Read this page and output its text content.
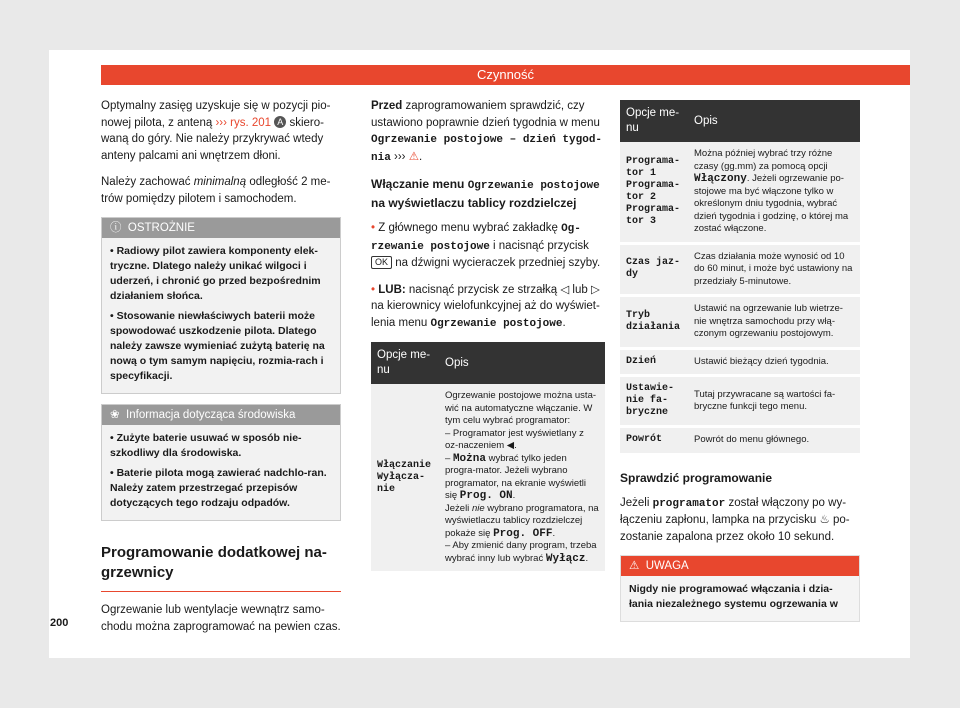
Czynność

Optymalny zasięg uzyskuje się w pozycji pio-nowej pilota, z anteną ››› rys. 201 A skiero-waną do góry. Nie należy przykrywać wtedy anteny palcami ani wnętrzem dłoni.

Należy zachować minimalną odległość 2 me-trów pomiędzy pilotem i samochodem.

ⓘ OSTROŻNIE

• Radiowy pilot zawiera komponenty elek-tryczne. Dlatego należy unikać wilgoci i uderzeń, i chronić go przed bezpośrednim działaniem słońca.

• Stosowanie niewłaściwych baterii może spowodować uszkodzenie pilota. Dlatego należy zawsze wymieniać zużytą baterię na nową o tym samym napięciu, rozmia-rach i specyfikacji.

❀ Informacja dotycząca środowiska

• Zużyte baterie usuwać w sposób nie-szkodliwy dla środowiska.

• Baterie pilota mogą zawierać nadchlo-ran. Należy zatem przestrzegać przepisów dotyczących tego rodzaju odpadów.

Programowanie dodatkowej na-grzewnicy

Ogrzewanie lub wentylacje wewnątrz samo-chodu można zaprogramować na pewien czas.

Przed zaprogramowaniem sprawdzić, czy ustawiono poprawnie dzień tygodnia w menu Ogrzewanie postojowe – dzień tygod-nia ››› ⚠.

Włączanie menu Ogrzewanie postojowe na wyświetlaczu tablicy rozdzielczej

• Z głównego menu wybrać zakładkę Og-rzewanie postojowe i nacisnąć przycisk OK na dźwigni wycieraczek przedniej szyby.

• LUB: nacisnąć przycisk ze strzałką ◁ lub ▷ na kierownicy wielofunkcyjnej aż do wyświet-lenia menu Ogrzewanie postojowe.

Opcje me-nu	Opis
Włączanie Wyłącza-nie	Ogrzewanie postojowe można usta-wić na automatyczne włączanie. W tym celu wybrać programator:
– Programator jest wyświetlany z oz-naczeniem ◀.
– Można wybrać tylko jeden progra-mator. Jeżeli wybrano programator, na ekranie wyświetli się Prog. ON.
Jeżeli nie wybrano programatora, na wyświetlaczu tablicy rozdzielczej pokaże się Prog. OFF.
– Aby zmienić dany program, trzeba wybrać inny lub wybrać Wyłącz.
Opcje me-nu	Opis
Programa-tor 1 Programa-tor 2 Programa-tor 3	Można później wybrać trzy różne czasy (gg.mm) za pomocą opcji Włączony. Jeżeli ogrzewanie po-stojowe ma być włączone tylko w określonym dniu tygodnia, wybrać dzień tygodnia i godzinę, o której ma zostać włączone.
Czas jaz-dy	Czas działania może wynosić od 10 do 60 minut, i może być ustawiony na przedziały 5-minutowe.
Tryb działania	Ustawić na ogrzewanie lub wietrze-nie wnętrza samochodu przy włą-czonym ogrzewaniu postojowym.
Dzień	Ustawić bieżący dzień tygodnia.
Ustawie-nie fa-bryczne	Tutaj przywracane są wartości fa-bryczne funkcji tego menu.
Powrót	Powrót do menu głównego.
Sprawdzić programowanie

Jeżeli programator został włączony po wy-łączeniu zapłonu, lampka na przycisku ♨ po-zostanie zapalona przez około 10 sekund.

⚠ UWAGA

Nigdy nie programować włączania i dzia-łania niezależnego systemu ogrzewania w

200
